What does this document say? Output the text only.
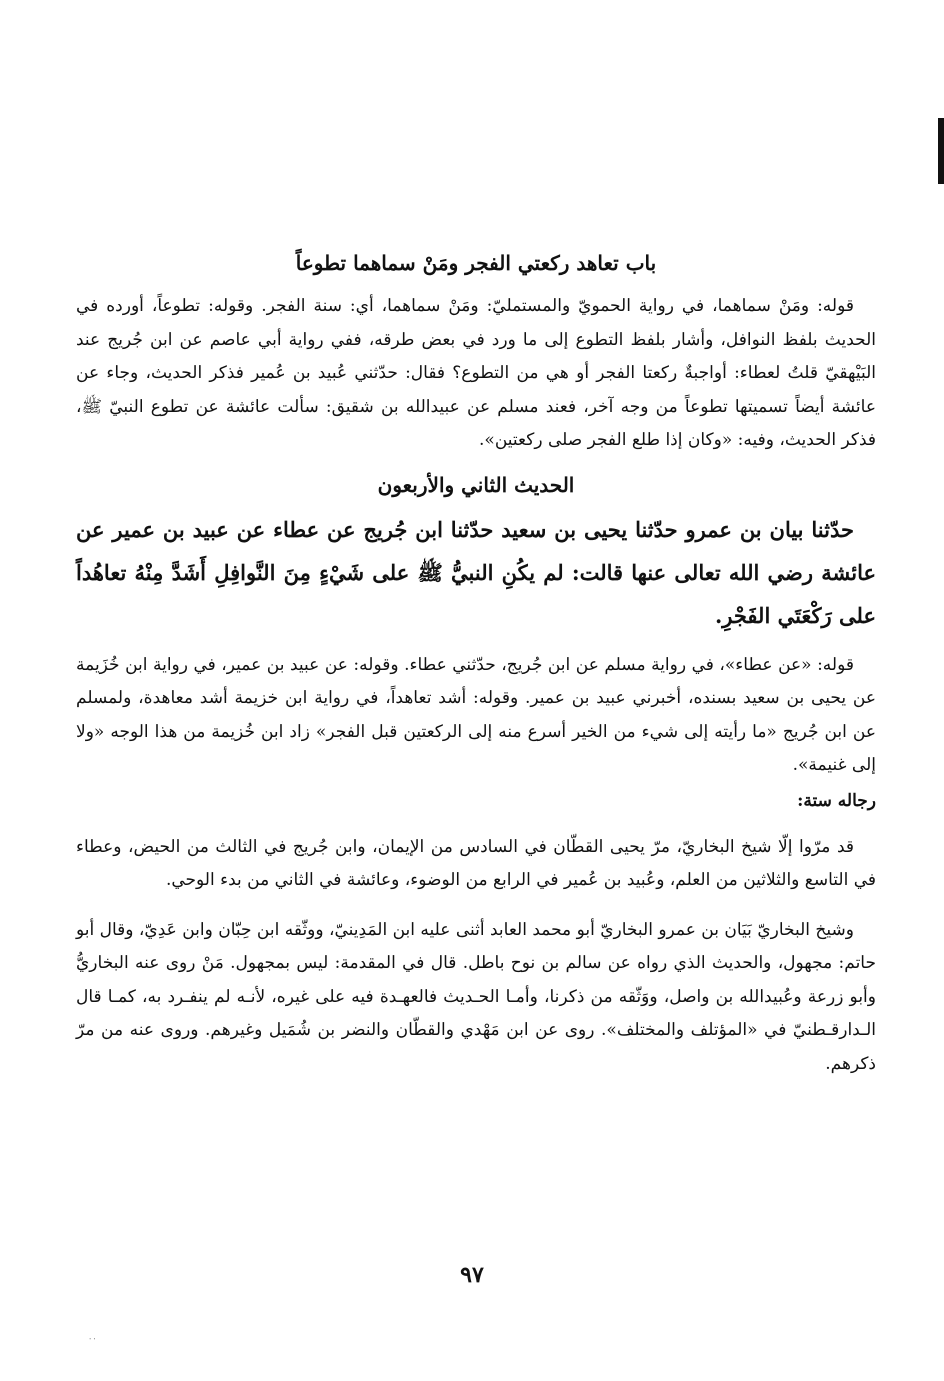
باب تعاهد ركعتي الفجر ومَنْ سماهما تطوعاً

قوله: ومَنْ سماهما، في رواية الحمويّ والمستمليّ: ومَنْ سماهما، أي: سنة الفجر. وقوله: تطوعاً، أورده في الحديث بلفظ النوافل، وأشار بلفظ التطوع إلى ما ورد في بعض طرقه، ففي رواية أبي عاصم عن ابن جُريج عند البَيْهقيّ قلتُ لعطاء: أواجبةٌ ركعتا الفجر أو هي من التطوع؟ فقال: حدّثني عُبيد بن عُمير فذكر الحديث، وجاء عن عائشة أيضاً تسميتها تطوعاً من وجه آخر، فعند مسلم عن عبيدالله بن شقيق: سألت عائشة عن تطوع النبيّ ﷺ، فذكر الحديث، وفيه: «وكان إذا طلع الفجر صلى ركعتين».

الحديث الثاني والأربعون

حدّثنا بيان بن عمرو حدّثنا يحيى بن سعيد حدّثنا ابن جُريج عن عطاء عن عبيد بن عمير عن عائشة رضي الله تعالى عنها قالت: لم يكُنِ النبيُّ ﷺ على شَيْءٍ مِنَ النَّوافِلِ أَشَدَّ مِنْهُ تعاهُداً على رَكْعَتَي الفَجْرِ.

قوله: «عن عطاء»، في رواية مسلم عن ابن جُريج، حدّثني عطاء. وقوله: عن عبيد بن عمير، في رواية ابن خُزَيمة عن يحيى بن سعيد بسنده، أخبرني عبيد بن عمير. وقوله: أشد تعاهداً، في رواية ابن خزيمة أشد معاهدة، ولمسلم عن ابن جُريج «ما رأيته إلى شيء من الخير أسرع منه إلى الركعتين قبل الفجر» زاد ابن خُزيمة من هذا الوجه «ولا إلى غنيمة».

رجاله ستة:

قد مرّوا إلّا شيخ البخاريّ، مرّ يحيى القطّان في السادس من الإيمان، وابن جُريج في الثالث من الحيض، وعطاء في التاسع والثلاثين من العلم، وعُبيد بن عُمير في الرابع من الوضوء، وعائشة في الثاني من بدء الوحي.

وشيخ البخاريّ بَيَان بن عمرو البخاريّ أبو محمد العابد أثنى عليه ابن المَدِينيّ، ووثّقه ابن حِبّان وابن عَدِيّ، وقال أبو حاتم: مجهول، والحديث الذي رواه عن سالم بن نوح باطل. قال في المقدمة: ليس بمجهول. مَنْ روى عنه البخاريُّ وأبو زرعة وعُبيدالله بن واصل، ووَثّقه من ذكرنا، وأمـا الحـديث فالعهـدة فيه على غيره، لأنـه لم ينفـرد به، كمـا قال الـدارقـطنيّ في «المؤتلف والمختلف». روى عن ابن مَهْدي والقطّان والنضر بن شُمَيل وغيرهم. وروى عنه من مرّ ذكرهم.

٩٧
٠٠
